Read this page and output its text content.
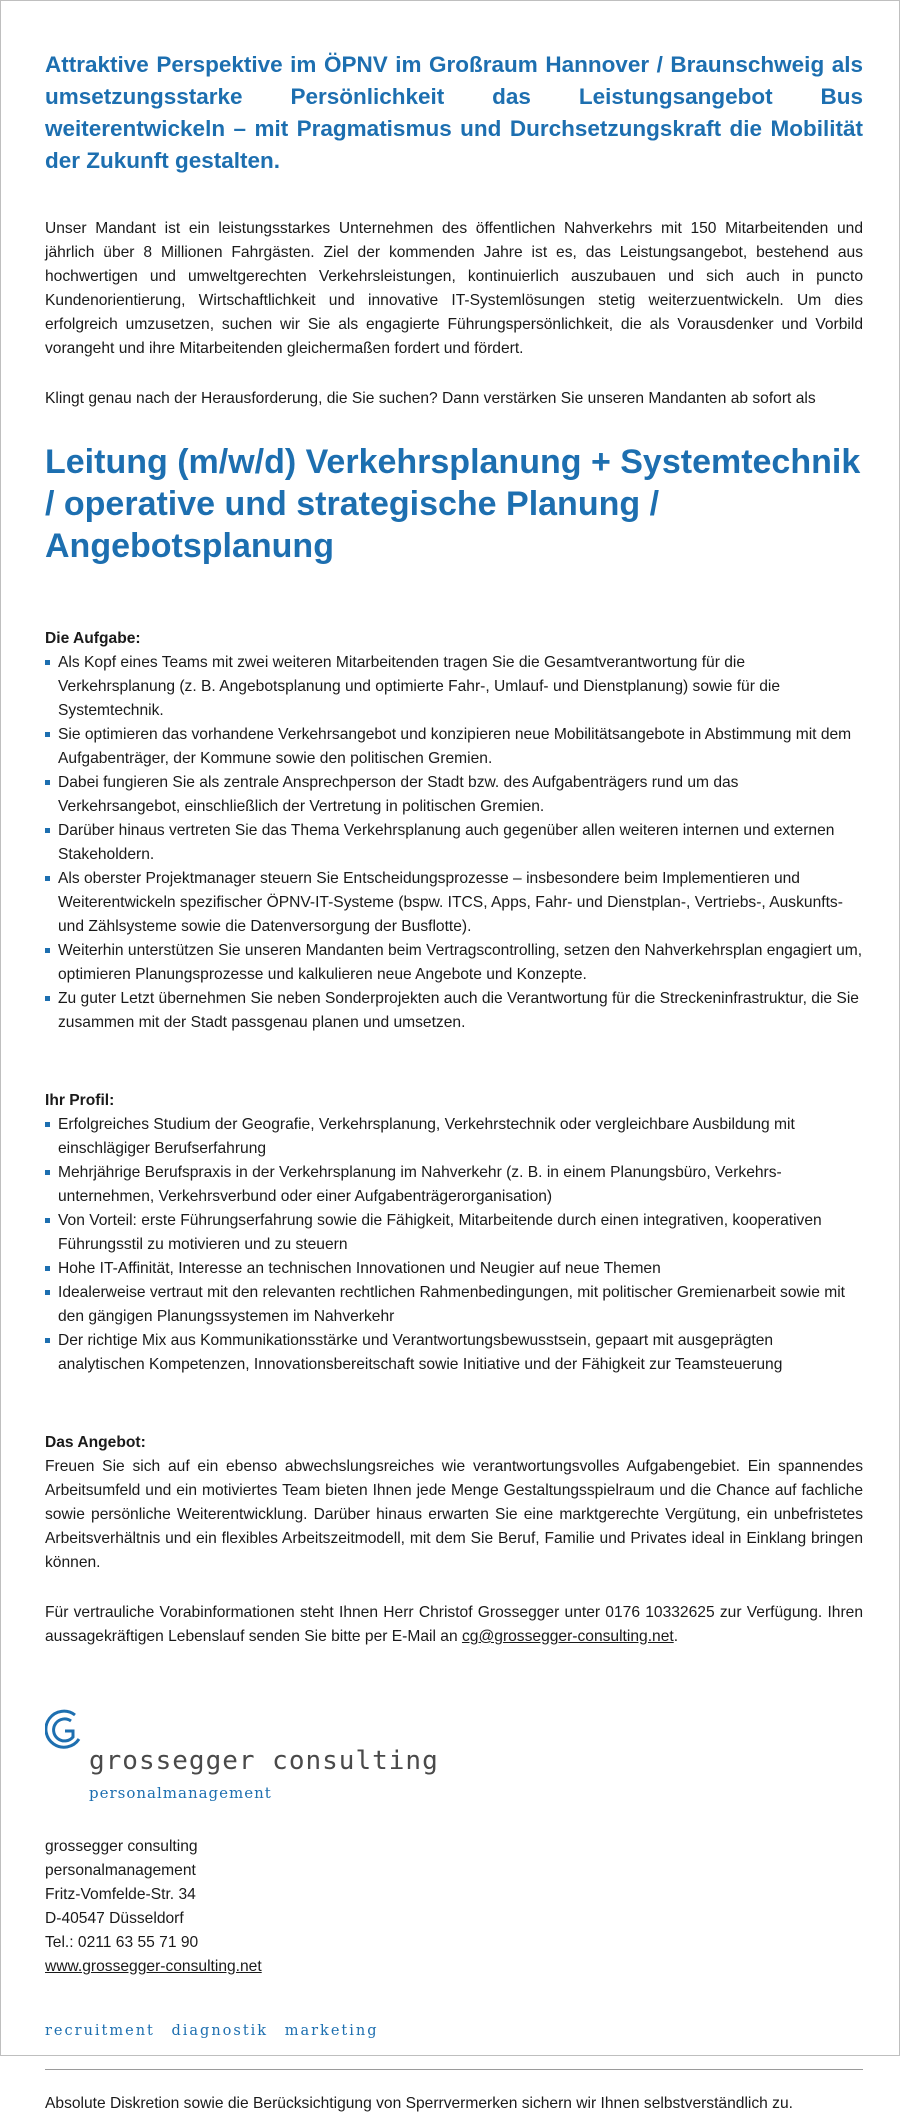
Attraktive Perspektive im ÖPNV im Großraum Hannover / Braunschweig als umsetzungsstarke Persönlichkeit das Leistungsangebot Bus weiterentwickeln – mit Pragmatismus und Durchsetzungskraft die Mobilität der Zukunft gestalten.

Unser Mandant ist ein leistungsstarkes Unternehmen des öffentlichen Nahverkehrs mit 150 Mitarbeitenden und jährlich über 8 Millionen Fahrgästen. Ziel der kommenden Jahre ist es, das Leistungsangebot, bestehend aus hochwertigen und umweltgerechten Verkehrsleistungen, kontinuierlich auszubauen und sich auch in puncto Kundenorientierung, Wirtschaftlichkeit und innovative IT-Systemlösungen stetig weiterzuentwickeln. Um dies erfolgreich umzusetzen, suchen wir Sie als engagierte Führungspersönlichkeit, die als Vorausdenker und Vorbild vorangeht und ihre Mitarbeitenden gleichermaßen fordert und fördert.

Klingt genau nach der Herausforderung, die Sie suchen? Dann verstärken Sie unseren Mandanten ab sofort als

Leitung (m/w/d) Verkehrsplanung + Systemtechnik / operative und strategische Planung / Angebotsplanung
Die Aufgabe:
Als Kopf eines Teams mit zwei weiteren Mitarbeitenden tragen Sie die Gesamtverantwortung für die Verkehrsplanung (z. B. Angebotsplanung und optimierte Fahr-, Umlauf- und Dienstplanung) sowie für die Systemtechnik.
Sie optimieren das vorhandene Verkehrsangebot und konzipieren neue Mobilitätsangebote in Abstimmung mit dem Aufgabenträger, der Kommune sowie den politischen Gremien.
Dabei fungieren Sie als zentrale Ansprechperson der Stadt bzw. des Aufgabenträgers rund um das Verkehrsangebot, einschließlich der Vertretung in politischen Gremien.
Darüber hinaus vertreten Sie das Thema Verkehrsplanung auch gegenüber allen weiteren internen und externen Stakeholdern.
Als oberster Projektmanager steuern Sie Entscheidungsprozesse – insbesondere beim Implementieren und Weiterentwickeln spezifischer ÖPNV-IT-Systeme (bspw. ITCS, Apps, Fahr- und Dienstplan-, Vertriebs-, Auskunfts- und Zählsysteme sowie die Datenversorgung der Busflotte).
Weiterhin unterstützen Sie unseren Mandanten beim Vertragscontrolling, setzen den Nahverkehrsplan engagiert um, optimieren Planungsprozesse und kalkulieren neue Angebote und Konzepte.
Zu guter Letzt übernehmen Sie neben Sonderprojekten auch die Verantwortung für die Streckeninfrastruktur, die Sie zusammen mit der Stadt passgenau planen und umsetzen.
Ihr Profil:
Erfolgreiches Studium der Geografie, Verkehrsplanung, Verkehrstechnik oder vergleichbare Ausbildung mit einschlägiger Berufserfahrung
Mehrjährige Berufspraxis in der Verkehrsplanung im Nahverkehr (z. B. in einem Planungsbüro, Verkehrsunternehmen, Verkehrsverbund oder einer Aufgabenträgerorganisation)
Von Vorteil: erste Führungserfahrung sowie die Fähigkeit, Mitarbeitende durch einen integrativen, kooperativen Führungsstil zu motivieren und zu steuern
Hohe IT-Affinität, Interesse an technischen Innovationen und Neugier auf neue Themen
Idealerweise vertraut mit den relevanten rechtlichen Rahmenbedingungen, mit politischer Gremienarbeit sowie mit den gängigen Planungssystemen im Nahverkehr
Der richtige Mix aus Kommunikationsstärke und Verantwortungsbewusstsein, gepaart mit ausgeprägten analytischen Kompetenzen, Innovationsbereitschaft sowie Initiative und der Fähigkeit zur Teamsteuerung
Das Angebot:

Freuen Sie sich auf ein ebenso abwechslungsreiches wie verantwortungsvolles Aufgabengebiet. Ein spannendes Arbeitsumfeld und ein motiviertes Team bieten Ihnen jede Menge Gestaltungsspielraum und die Chance auf fachliche sowie persönliche Weiterentwicklung. Darüber hinaus erwarten Sie eine marktgerechte Vergütung, ein unbefristetes Arbeitsverhältnis und ein flexibles Arbeitszeitmodell, mit dem Sie Beruf, Familie und Privates ideal in Einklang bringen können.

Für vertrauliche Vorabinformationen steht Ihnen Herr Christof Grossegger unter 0176 10332625 zur Verfügung. Ihren aussagekräftigen Lebenslauf senden Sie bitte per E-Mail an cg@grossegger-consulting.net.

grossegger consulting
personalmanagement
grossegger consulting
personalmanagement
Fritz-Vomfelde-Str. 34
D-40547 Düsseldorf
Tel.: 0211 63 55 71 90
www.grossegger-consulting.net
recruitment diagnostik marketing

Absolute Diskretion sowie die Berücksichtigung von Sperrvermerken sichern wir Ihnen selbstverständlich zu.
